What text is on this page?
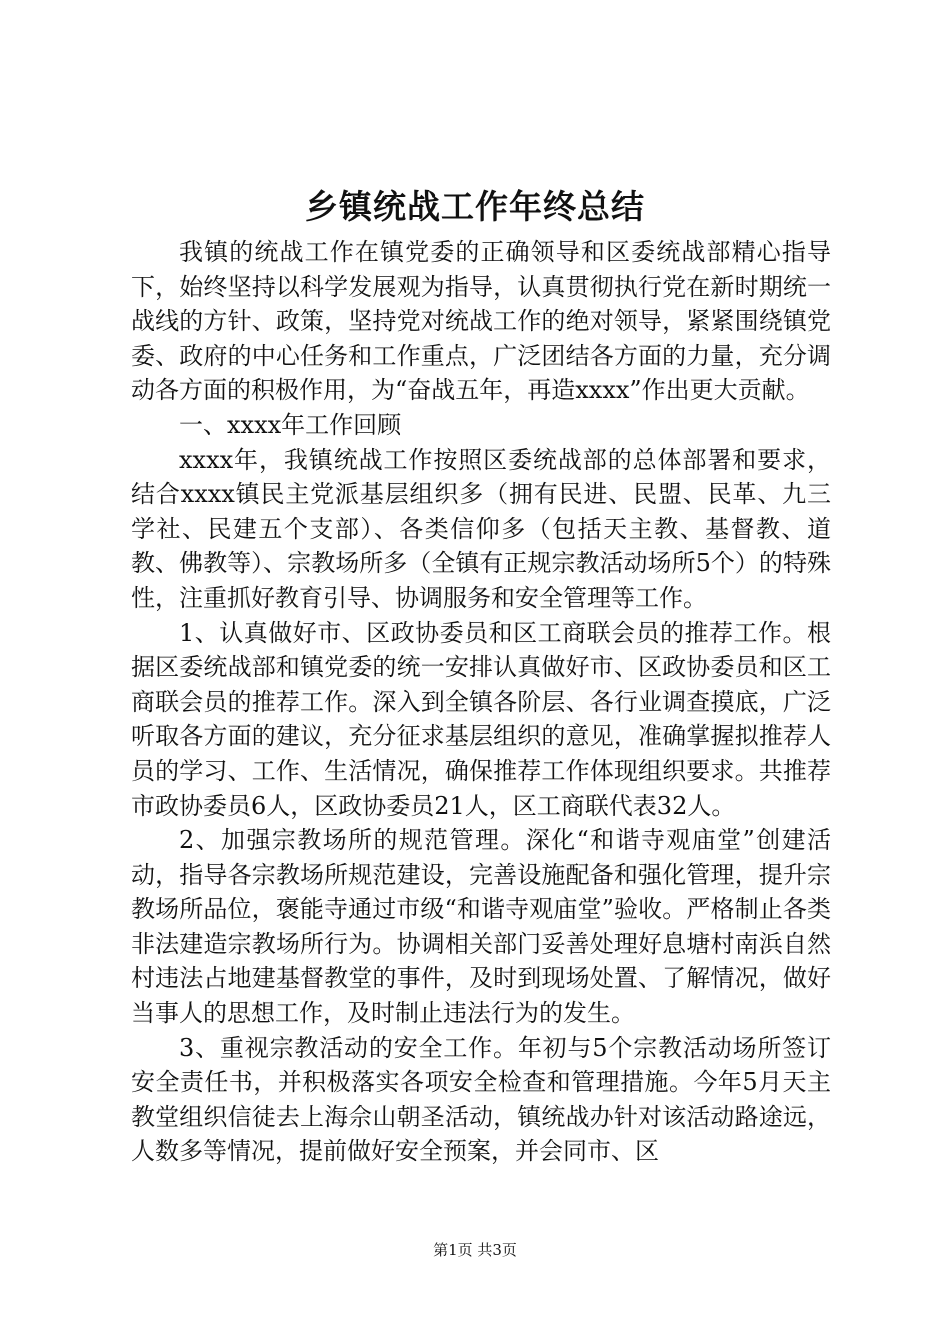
乡镇统战工作年终总结

我镇的统战工作在镇党委的正确领导和区委统战部精心指导下，始终坚持以科学发展观为指导，认真贯彻执行党在新时期统一战线的方针、政策，坚持党对统战工作的绝对领导，紧紧围绕镇党委、政府的中心任务和工作重点，广泛团结各方面的力量，充分调动各方面的积极作用，为“奋战五年，再造xxxx”作出更大贡献。

一、xxxx年工作回顾

xxxx年，我镇统战工作按照区委统战部的总体部署和要求，结合xxxx镇民主党派基层组织多（拥有民进、民盟、民革、九三学社、民建五个支部）、各类信仰多（包括天主教、基督教、道教、佛教等）、宗教场所多（全镇有正规宗教活动场所5个）的特殊性，注重抓好教育引导、协调服务和安全管理等工作。

1、认真做好市、区政协委员和区工商联会员的推荐工作。根据区委统战部和镇党委的统一安排认真做好市、区政协委员和区工商联会员的推荐工作。深入到全镇各阶层、各行业调查摸底，广泛听取各方面的建议，充分征求基层组织的意见，准确掌握拟推荐人员的学习、工作、生活情况，确保推荐工作体现组织要求。共推荐市政协委员6人，区政协委员21人，区工商联代表32人。

2、加强宗教场所的规范管理。深化“和谐寺观庙堂”创建活动，指导各宗教场所规范建设，完善设施配备和强化管理，提升宗教场所品位，褒能寺通过市级“和谐寺观庙堂”验收。严格制止各类非法建造宗教场所行为。协调相关部门妥善处理好息塘村南浜自然村违法占地建基督教堂的事件，及时到现场处置、了解情况，做好当事人的思想工作，及时制止违法行为的发生。

3、重视宗教活动的安全工作。年初与5个宗教活动场所签订安全责任书，并积极落实各项安全检查和管理措施。今年5月天主教堂组织信徒去上海佘山朝圣活动，镇统战办针对该活动路途远，人数多等情况，提前做好安全预案，并会同市、区

第1页 共3页
